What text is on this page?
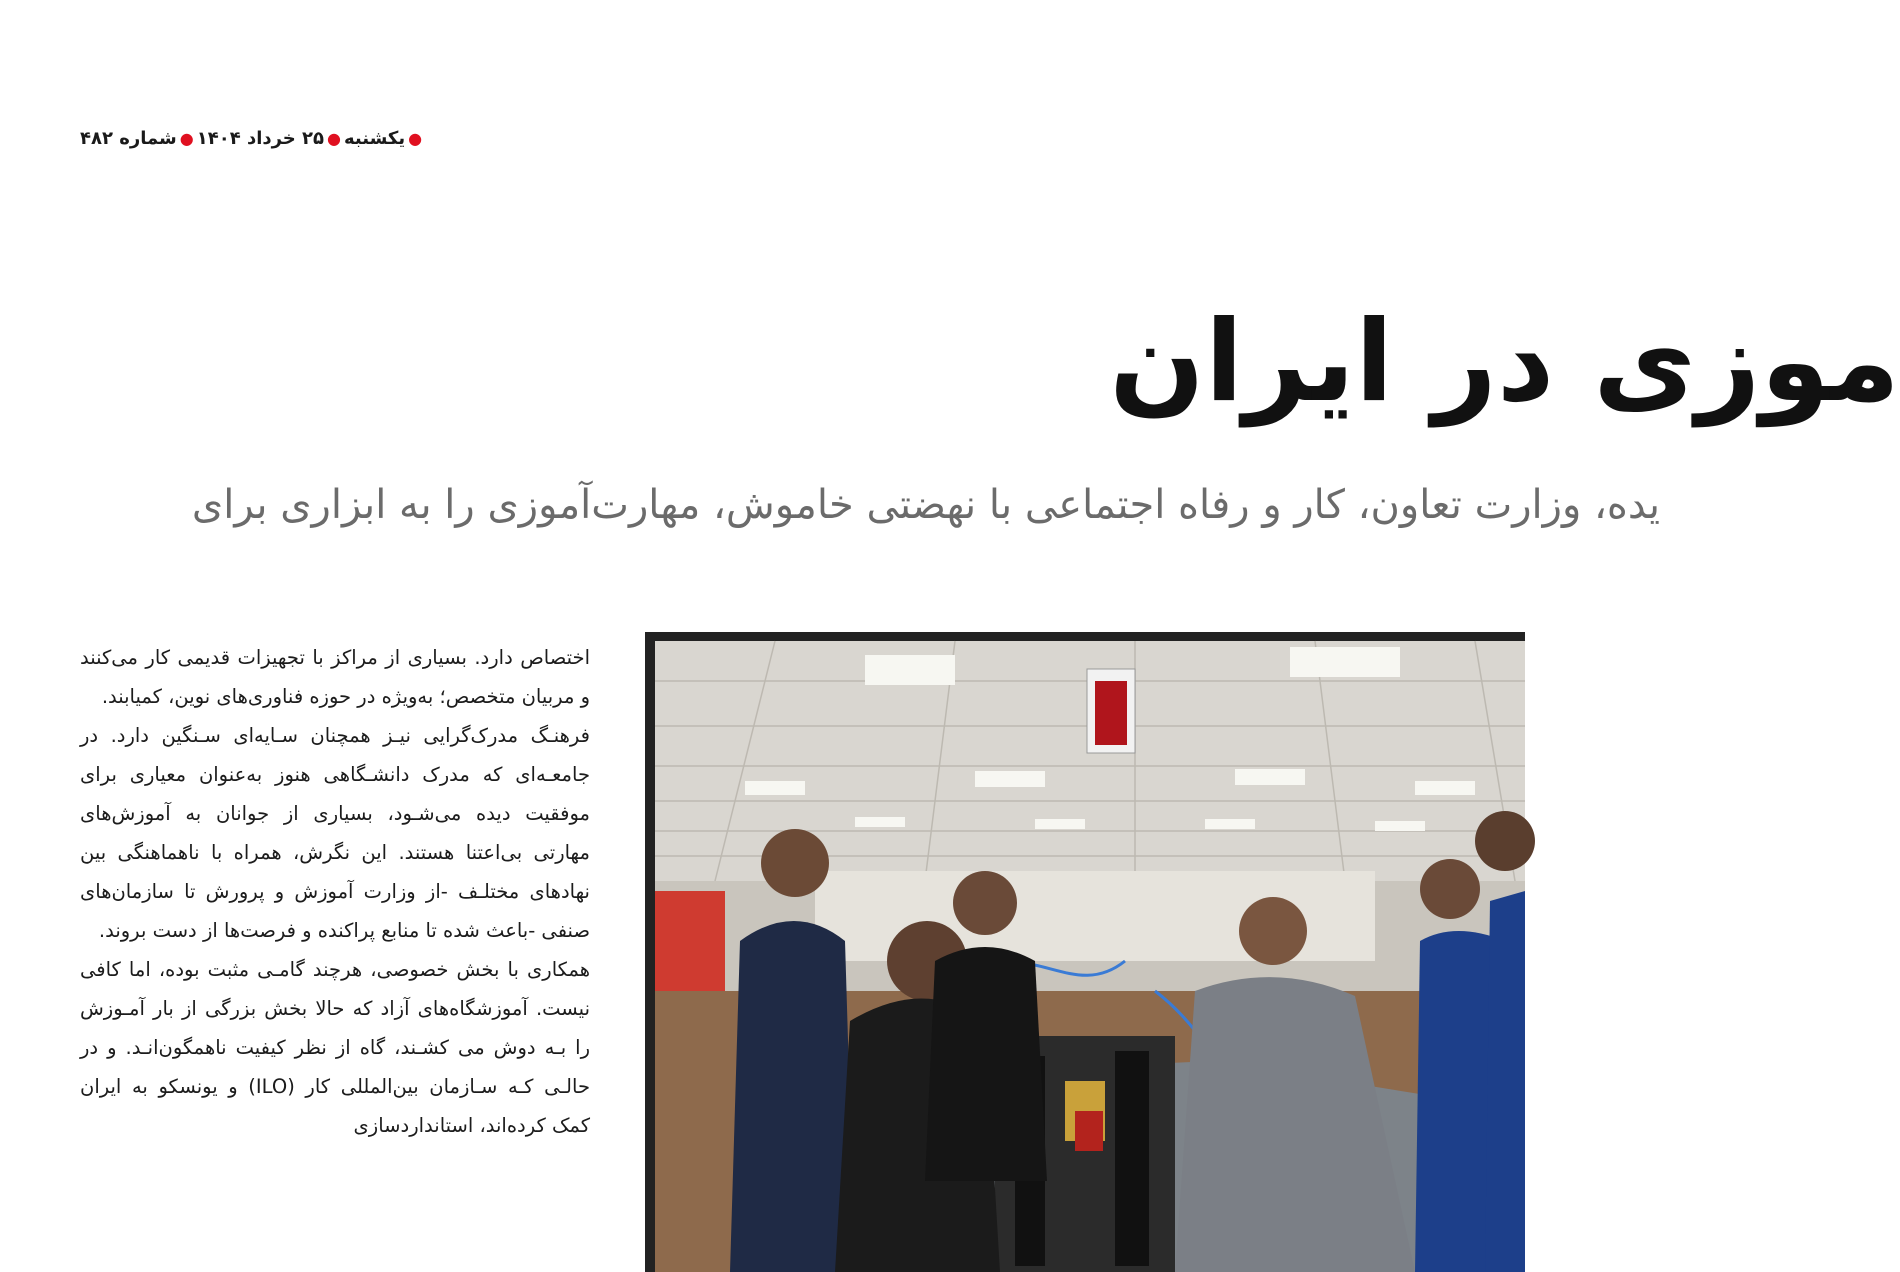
●یکشنبه●۲۵ خرداد ۱۴۰۴●شماره ۴۸۲
موزی در ایران
یده، وزارت تعاون، کار و رفاه اجتماعی با نهضتی خاموش، مهارت‌آموزی را به ابزاری برای

اختصاص دارد. بسیاری از مراکز با تجهیزات قدیمی کار می‌کنند و مربیان متخصص؛ به‌ویژه در حوزه فناوری‌های نوین، کمیابند.

فرهنـگ مدرک‌گرایی نیـز همچنان سـایه‌ای سـنگین دارد. در جامعـه‌ای که مدرک دانشـگاهی هنوز به‌عنوان معیاری برای موفقیت دیده می‌شـود، بسیاری از جوانان به آموزش‌های مهارتی بی‌اعتنا هستند. این نگرش، همراه با ناهماهنگی بین نهادهای مختلـف -از وزارت آموزش و پرورش تا سازمان‌های صنفی -باعث شده تا منابع پراکنده و فرصت‌ها از دست بروند.

همکاری با بخش خصوصی، هرچند گامـی مثبت بوده، اما کافی نیست. آموزشگاه‌های آزاد که حالا بخش بزرگی از بار آمـوزش را بـه دوش می‌ کشـند، گاه از نظر کیفیت ناهمگون‌انـد. و در حالـی کـه سـازمان بین‌المللی کار (ILO) و یونسکو به ایران کمک کرده‌اند، استانداردسازی
